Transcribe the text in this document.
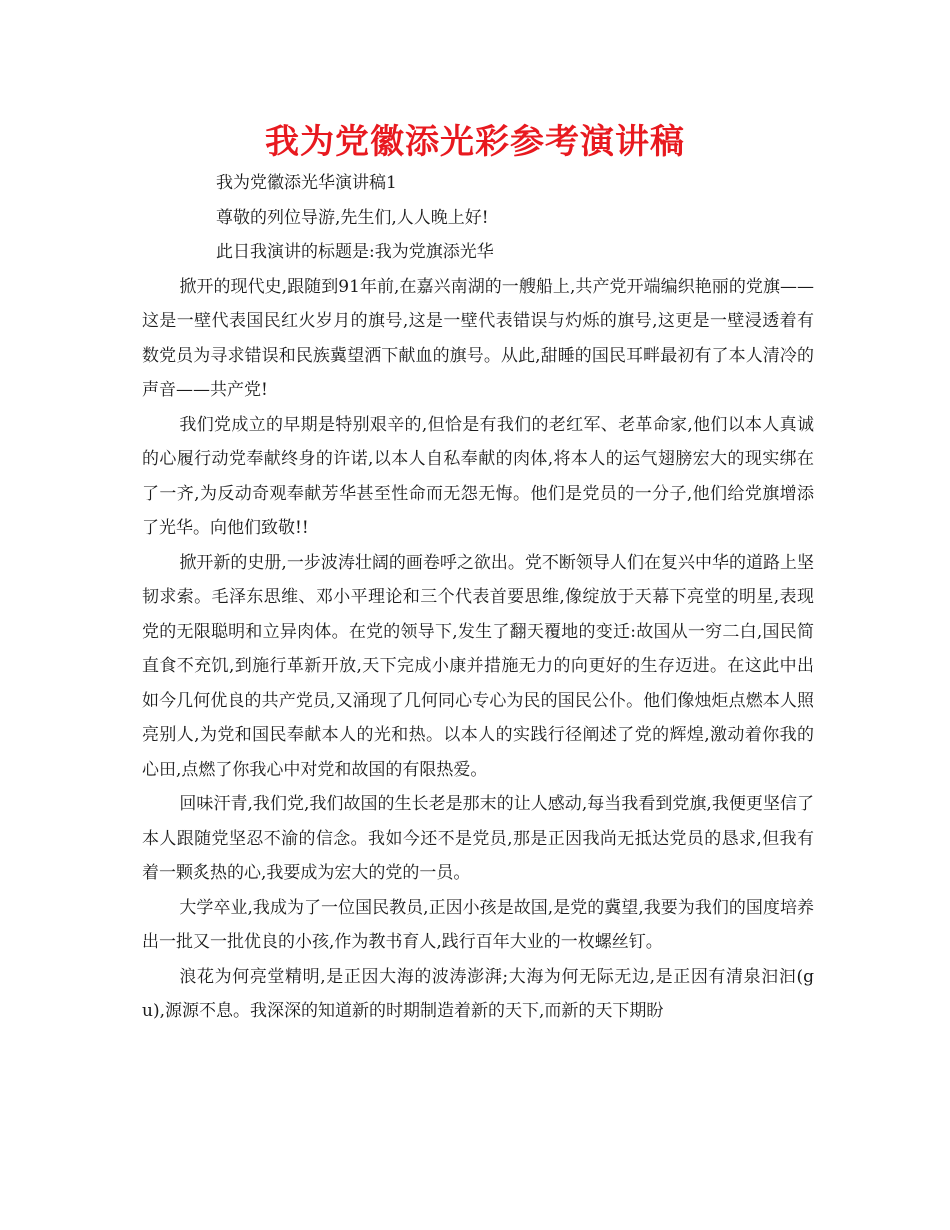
我为党徽添光彩参考演讲稿

我为党徽添光华演讲稿1

尊敬的列位导游,先生们,人人晚上好!

此日我演讲的标题是:我为党旗添光华

掀开的现代史,跟随到91年前,在嘉兴南湖的一艘船上,共产党开端编织艳丽的党旗——这是一壁代表国民红火岁月的旗号,这是一壁代表错误与灼烁的旗号,这更是一壁浸透着有数党员为寻求错误和民族冀望洒下献血的旗号。从此,甜睡的国民耳畔最初有了本人清冷的声音——共产党!

我们党成立的早期是特别艰辛的,但恰是有我们的老红军、老革命家,他们以本人真诚的心履行动党奉献终身的许诺,以本人自私奉献的肉体,将本人的运气翅膀宏大的现实绑在了一齐,为反动奇观奉献芳华甚至性命而无怨无悔。他们是党员的一分子,他们给党旗增添了光华。向他们致敬!!

掀开新的史册,一步波涛壮阔的画卷呼之欲出。党不断领导人们在复兴中华的道路上坚韧求索。毛泽东思维、邓小平理论和三个代表首要思维,像绽放于天幕下亮堂的明星,表现党的无限聪明和立异肉体。在党的领导下,发生了翻天覆地的变迁:故国从一穷二白,国民简直食不充饥,到施行革新开放,天下完成小康并措施无力的向更好的生存迈进。在这此中出如今几何优良的共产党员,又涌现了几何同心专心为民的国民公仆。他们像烛炬点燃本人照亮别人,为党和国民奉献本人的光和热。以本人的实践行径阐述了党的辉煌,激动着你我的心田,点燃了你我心中对党和故国的有限热爱。

回味汗青,我们党,我们故国的生长老是那末的让人感动,每当我看到党旗,我便更坚信了本人跟随党坚忍不渝的信念。我如今还不是党员,那是正因我尚无抵达党员的恳求,但我有着一颗炙热的心,我要成为宏大的党的一员。

大学卒业,我成为了一位国民教员,正因小孩是故国,是党的冀望,我要为我们的国度培养出一批又一批优良的小孩,作为教书育人,践行百年大业的一枚螺丝钉。

浪花为何亮堂精明,是正因大海的波涛澎湃;大海为何无际无边,是正因有清泉汩汩(gu),源源不息。我深深的知道新的时期制造着新的天下,而新的天下期盼
